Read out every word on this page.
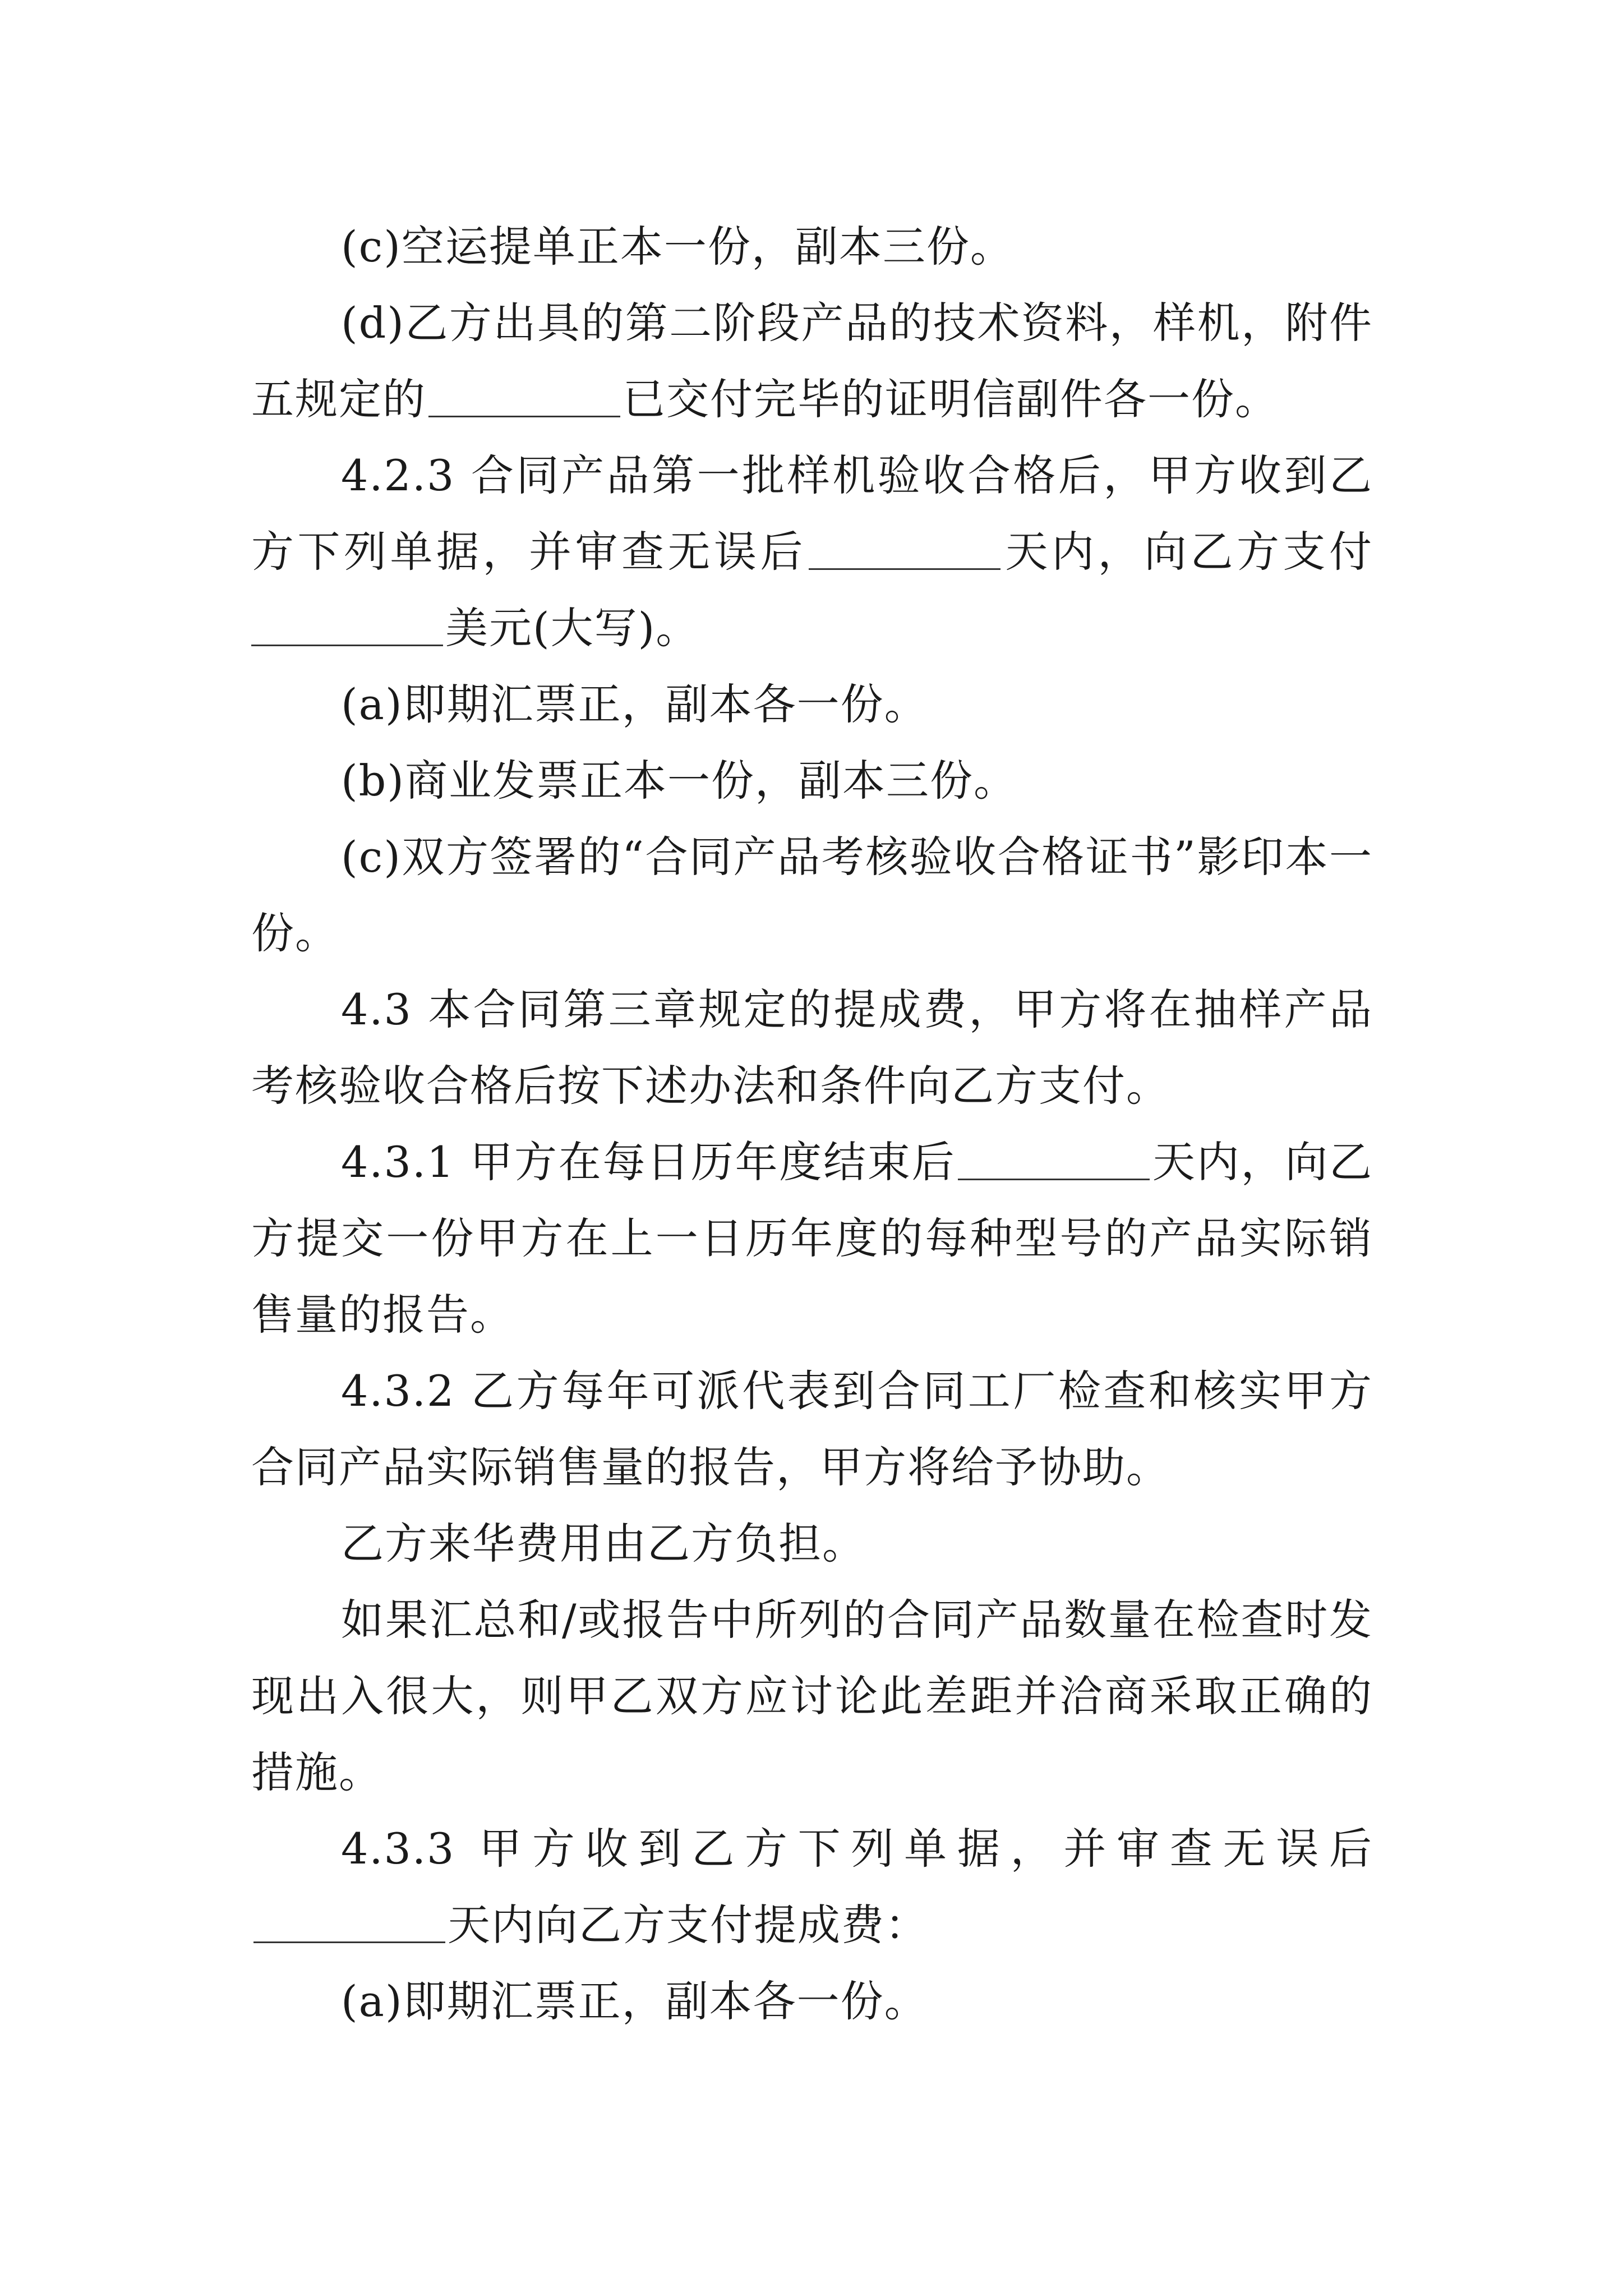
(c)空运提单正本一份，副本三份。

(d)乙方出具的第二阶段产品的技术资料，样机，附件五规定的	已交付完毕的证明信副件各一份。

4.2.3 合同产品第一批样机验收合格后，甲方收到乙方下列单据，并审查无误后	天内，向乙方支付美元(大写)。

(a)即期汇票正，副本各一份。

(b)商业发票正本一份，副本三份。

(c)双方签署的“合同产品考核验收合格证书”影印本一份。

4.3 本合同第三章规定的提成费，甲方将在抽样产品考核验收合格后按下述办法和条件向乙方支付。

4.3.1 甲方在每日历年度结束后	天内，向乙方提交一份甲方在上一日历年度的每种型号的产品实际销售量的报告。

4.3.2 乙方每年可派代表到合同工厂检查和核实甲方合同产品实际销售量的报告，甲方将给予协助。

乙方来华费用由乙方负担。

如果汇总和/或报告中所列的合同产品数量在检查时发现出入很大，则甲乙双方应讨论此差距并洽商采取正确的措施。

4.3.3 甲方收到乙方下列单据，并审查无误后天内向乙方支付提成费：

(a)即期汇票正，副本各一份。
